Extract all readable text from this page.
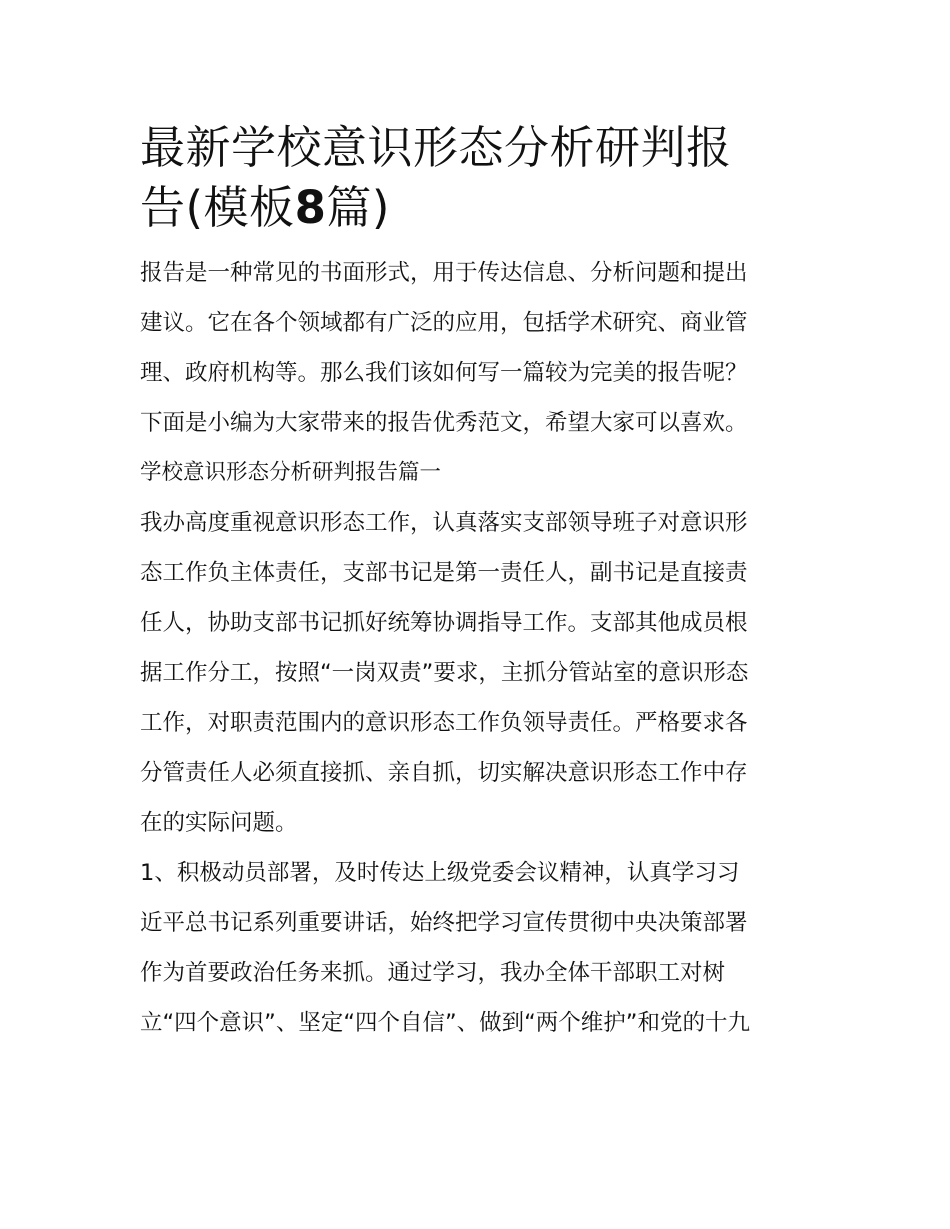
最新学校意识形态分析研判报
告(模板8篇)

报告是一种常见的书面形式，用于传达信息、分析问题和提出

建议。它在各个领域都有广泛的应用，包括学术研究、商业管

理、政府机构等。那么我们该如何写一篇较为完美的报告呢？

下面是小编为大家带来的报告优秀范文，希望大家可以喜欢。

学校意识形态分析研判报告篇一

我办高度重视意识形态工作，认真落实支部领导班子对意识形

态工作负主体责任，支部书记是第一责任人，副书记是直接责

任人，协助支部书记抓好统筹协调指导工作。支部其他成员根

据工作分工，按照“一岗双责”要求，主抓分管站室的意识形态

工作，对职责范围内的意识形态工作负领导责任。严格要求各

分管责任人必须直接抓、亲自抓，切实解决意识形态工作中存

在的实际问题。

1、积极动员部署，及时传达上级党委会议精神，认真学习习

近平总书记系列重要讲话，始终把学习宣传贯彻中央决策部署

作为首要政治任务来抓。通过学习，我办全体干部职工对树

立“四个意识”、坚定“四个自信”、做到“两个维护”和党的十九
